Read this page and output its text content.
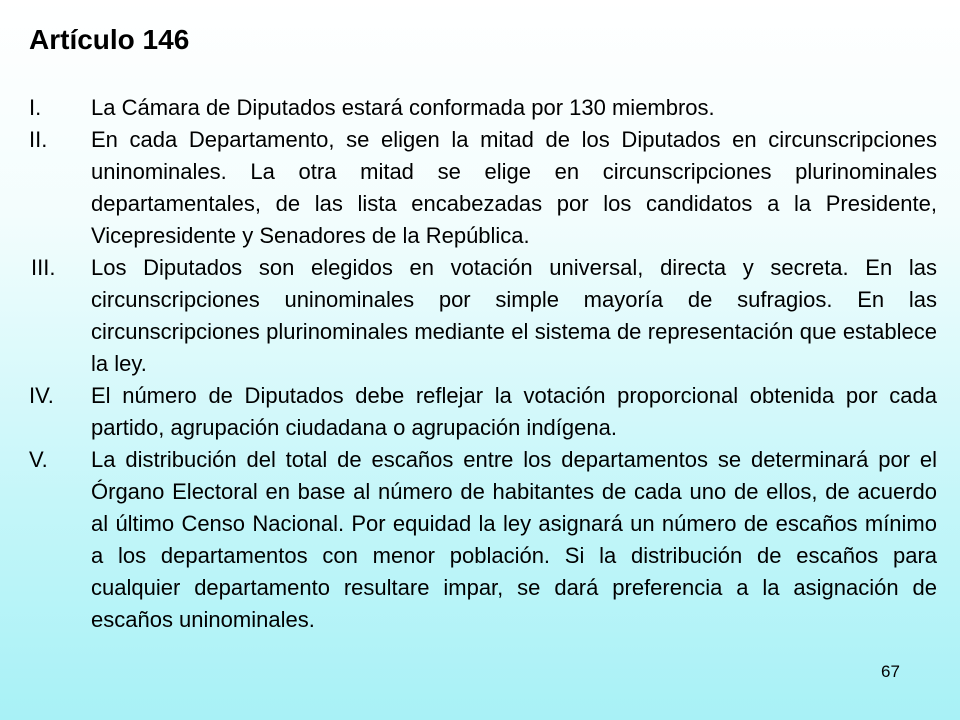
Artículo 146
I.	La Cámara de Diputados estará conformada por 130 miembros.
II.	En cada Departamento, se eligen la mitad de los Diputados en circunscripciones uninominales. La otra mitad se elige en circunscripciones plurinominales departamentales, de las lista encabezadas por los candidatos a la Presidente, Vicepresidente y Senadores de la República.
III.	Los Diputados son elegidos en votación universal, directa y secreta. En las circunscripciones uninominales por simple mayoría de sufragios. En las circunscripciones plurinominales mediante el sistema de representación que establece la ley.
IV.	El número de Diputados debe reflejar la votación proporcional obtenida por cada partido, agrupación ciudadana o agrupación indígena.
V.	La distribución del total de escaños entre los departamentos se determinará por el Órgano Electoral en base al número de habitantes de cada uno de ellos, de acuerdo al último Censo Nacional. Por equidad la ley asignará un número de escaños mínimo a los departamentos con menor población. Si la distribución de escaños para cualquier departamento resultare impar, se dará preferencia a la asignación de escaños uninominales.
67
